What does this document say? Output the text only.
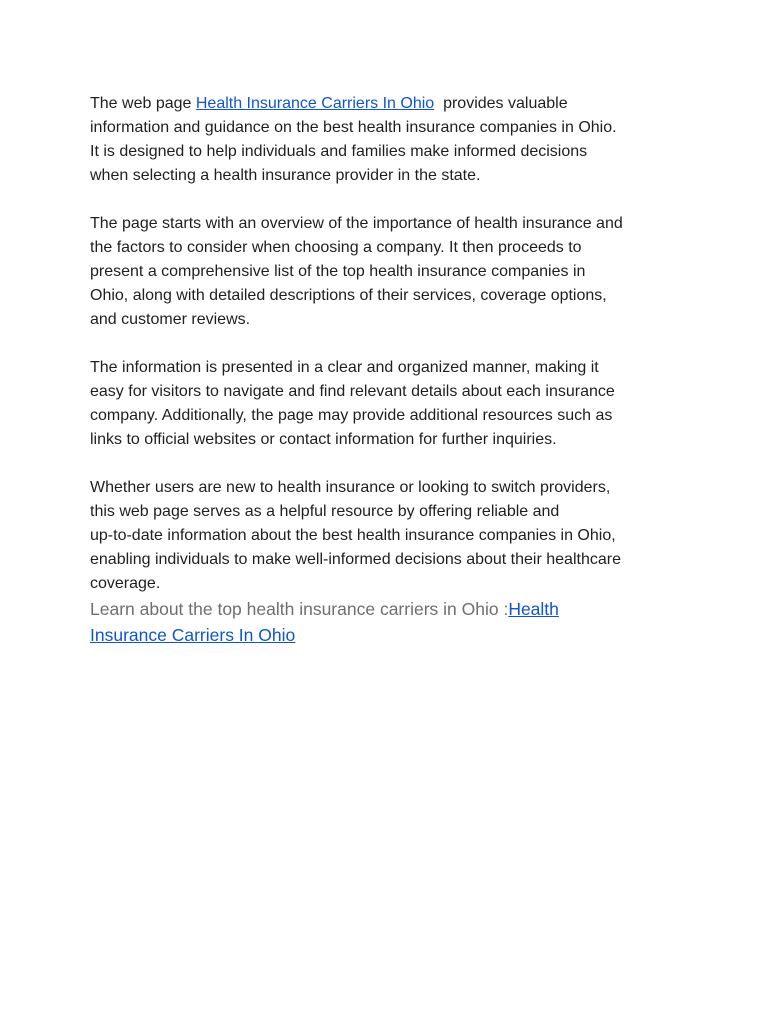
The web page Health Insurance Carriers In Ohio  provides valuable
information and guidance on the best health insurance companies in Ohio.
It is designed to help individuals and families make informed decisions
when selecting a health insurance provider in the state.

The page starts with an overview of the importance of health insurance and
the factors to consider when choosing a company. It then proceeds to
present a comprehensive list of the top health insurance companies in
Ohio, along with detailed descriptions of their services, coverage options,
and customer reviews.

The information is presented in a clear and organized manner, making it
easy for visitors to navigate and find relevant details about each insurance
company. Additionally, the page may provide additional resources such as
links to official websites or contact information for further inquiries.

Whether users are new to health insurance or looking to switch providers,
this web page serves as a helpful resource by offering reliable and
up-to-date information about the best health insurance companies in Ohio,
enabling individuals to make well-informed decisions about their healthcare
coverage.

Learn about the top health insurance carriers in Ohio :Health
Insurance Carriers In Ohio
